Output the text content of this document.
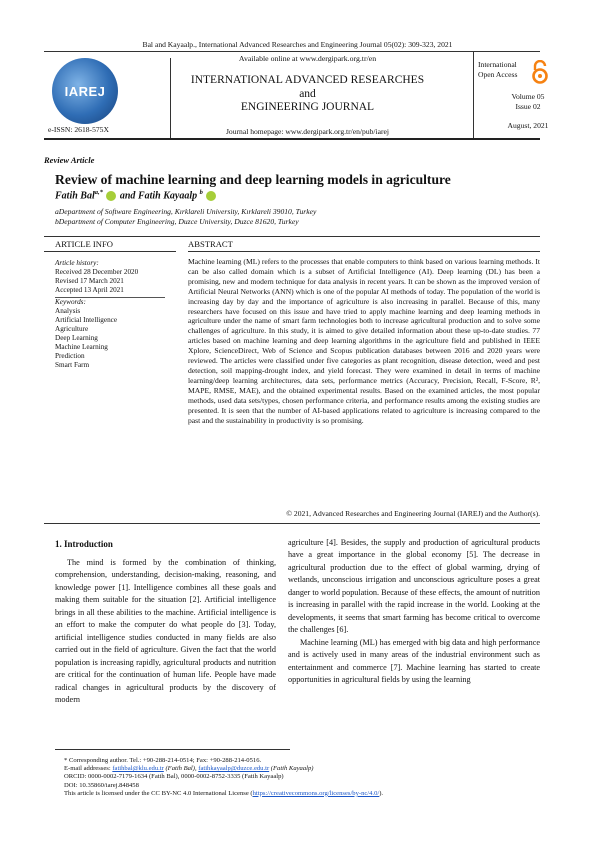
Bal and Kayaalp., International Advanced Researches and Engineering Journal 05(02): 309-323, 2021
IAREJ
e-ISSN: 2618-575X
Available online at www.dergipark.org.tr/en
INTERNATIONAL ADVANCED RESEARCHES
and
ENGINEERING JOURNAL
Journal homepage: www.dergipark.org.tr/en/pub/iarej
International
Open Access
Volume 05
Issue 02
August, 2021
Review Article
Review of machine learning and deep learning models in agriculture
Fatih Bal$^{a,*}$  and Fatih Kayaalp $^b$
aDepartment of Software Engineering, Kırklareli University, Kırklareli 39010, Turkey
bDepartment of Computer Engineering, Duzce University, Duzce 81620, Turkey
ARTICLE INFO	ABSTRACT
Article history:
Received 28 December 2020
Revised 17 March 2021
Accepted 13 April 2021
Keywords:
Analysis
Artificial Intelligence
Agriculture
Deep Learning
Machine Learning
Prediction
Smart Farm
Machine learning (ML) refers to the processes that enable computers to think based on various learning methods. It can be also called domain which is a subset of Artificial Intelligence (AI). Deep learning (DL) has been a promising, new and modern technique for data analysis in recent years. It can be shown as the improved version of Artificial Neural Networks (ANN) which is one of the popular AI methods of today. The population of the world is increasing day by day and the importance of agriculture is also increasing in parallel. Because of this, many researchers have focused on this issue and have tried to apply machine learning and deep learning methods in agriculture under the name of smart farm technologies both to increase agricultural production and to solve some challenges of agriculture. In this study, it is aimed to give detailed information about these up-to-date studies. 77 articles based on machine learning and deep learning algorithms in the agriculture field and published in IEEE Xplore, ScienceDirect, Web of Science and Scopus publication databases between 2016 and 2020 years were reviewed. The articles were classified under five categories as plant recognition, disease detection, weed and pest detection, soil mapping-drought index, and yield forecast. They were examined in detail in terms of machine learning/deep learning architectures, data sets, performance metrics (Accuracy, Precision, Recall, F-Score, R², MAPE, RMSE, MAE), and the obtained experimental results. Based on the examined articles, the most popular methods, used data sets/types, chosen performance criteria, and performance results among the existing studies are presented. It is seen that the number of AI-based applications related to agriculture is increasing compared to the past and the sustainability in productivity is so promising.
© 2021, Advanced Researches and Engineering Journal (IAREJ) and the Author(s).
1. Introduction

The mind is formed by the combination of thinking, comprehension, understanding, decision-making, reasoning, and knowledge power [1]. Intelligence combines all these goals and making them suitable for the situation [2]. Artificial intelligence brings in all these abilities to the machine. Artificial intelligence is an effort to make the computer do what people do [3]. Today, artificial intelligence studies conducted in many fields are also carried out in the field of agriculture. Given the fact that the world population is increasing rapidly, agricultural products and nutrition are critical for the continuation of human life. People have made radical changes in agricultural products by the discovery of modern

agriculture [4]. Besides, the supply and production of agricultural products have a great importance in the global economy [5]. The decrease in agricultural production due to the effect of global warming, drying of wetlands, unconscious irrigation and unconscious agriculture poses a great danger to world population. Because of these effects, the amount of nutrition is increasing in parallel with the rapid increase in the world. Looking at the developments, it seems that smart farming has become critical to overcome the challenges [6].

Machine learning (ML) has emerged with big data and high performance and is actively used in many areas of the industrial environment such as entertainment and commerce [7]. Machine learning has started to create opportunities in agricultural fields by using the learning

* Corresponding author. Tel.: +90-288-214-0514; Fax: +90-288-214-0516.
E-mail addresses: fatihbal@klu.edu.tr (Fatih Bal), fatihkayaalp@duzce.edu.tr (Fatih Kayaalp)
ORCID: 0000-0002-7179-1634 (Fatih Bal), 0000-0002-8752-3335 (Fatih Kayaalp)
DOI: 10.35860/iarej.848458
This article is licensed under the CC BY-NC 4.0 International License (https://creativecommons.org/licenses/by-nc/4.0/).
